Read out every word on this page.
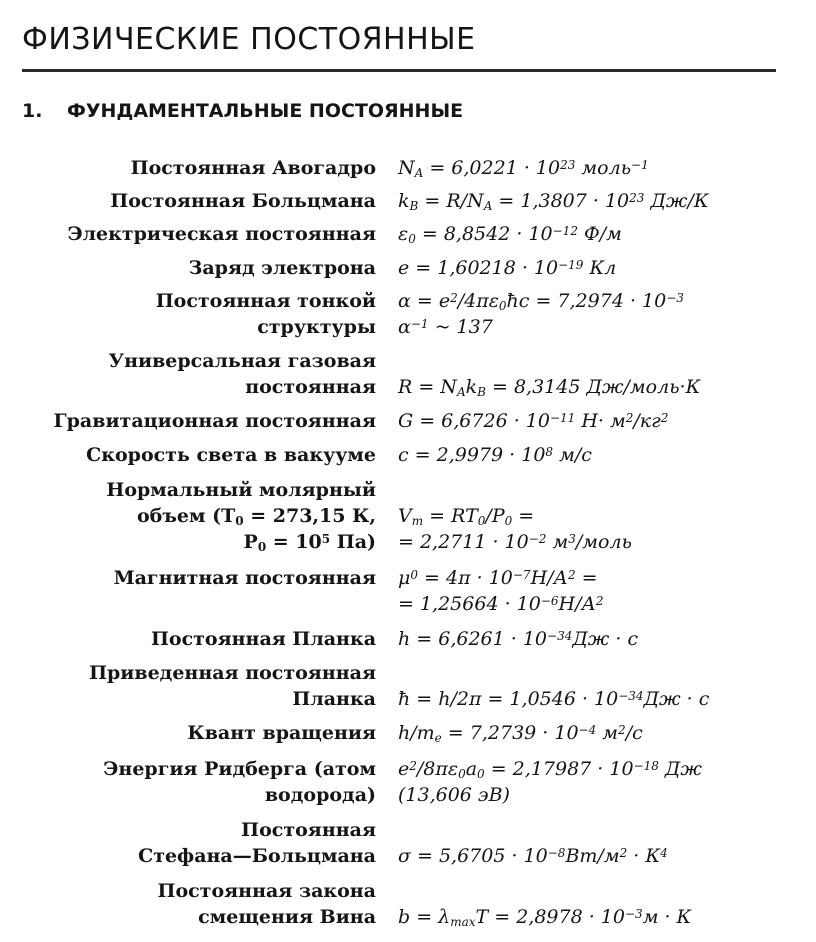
ФИЗИЧЕСКИЕ ПОСТОЯННЫЕ
1. ФУНДАМЕНТАЛЬНЫЕ ПОСТОЯННЫЕ
Постоянная Авогадро $N_A = 6,0221 \cdot 10^{23}$ моль$^{-1}$
Постоянная Больцмана $k_B = R/N_A = 1,3807 \cdot 10^{23}$ Дж/К
Электрическая постоянная $\varepsilon_0 = 8,8542 \cdot 10^{-12}$ Ф/м
Заряд электрона $e = 1,60218 \cdot 10^{-19}$ Кл
Постоянная тонкой $\alpha = e^2/4\pi\varepsilon_0ħc = 7,2974 \cdot 10^{-3}$
структуры $\alpha^{-1}$ ~ 137
Универсальная газовая
постоянная $R = N_Ak_B = 8,3145$ Дж/моль·К
Гравитационная постоянная $G = 6,6726 \cdot 10^{-11}$ $Н\cdot м^2/кг^2$
Скорость света в вакууме $c = 2,9979 \cdot 10^8$ м/с
Нормальный молярный
объем ($T_0 = 273,15$ К, $V_m = RT_0/P_0$ =
$P_0 = 10^5$ $Па) = 2,2711 \cdot 10^{-2}$ $м^3$/моль
Магнитная постоянная $\mu^0 = 4\pi \cdot 10^{-7}Н/А^2$ =
= $1,25664 \cdot 10^{-6}Н/А^2$
Постоянная Планка $h = 6,6261 \cdot 10^{-34}Дж \cdot с$
Приведенная постоянная
Планка ħ = $h/2\pi = 1,0546 \cdot 10^{-34}Дж \cdot с$
Квант вращения $h/m_e = 7,2739 \cdot 10^{-4}$ $м^2/с$
Энергия Ридберга (атом $e^2/8\pi\varepsilon_0a_0 = 2,17987 \cdot 10^{-18}$ Дж
водорода) (13,606 эВ)
Постоянная
Стефана—Больцмана $\sigma = 5,6705 \cdot 10^{-8}Вт/м^2 \cdot К^4$
Постоянная закона
смещения Вина $b = \lambda_{max}T = 2,8978 \cdot 10^{-3}м \cdot К$
